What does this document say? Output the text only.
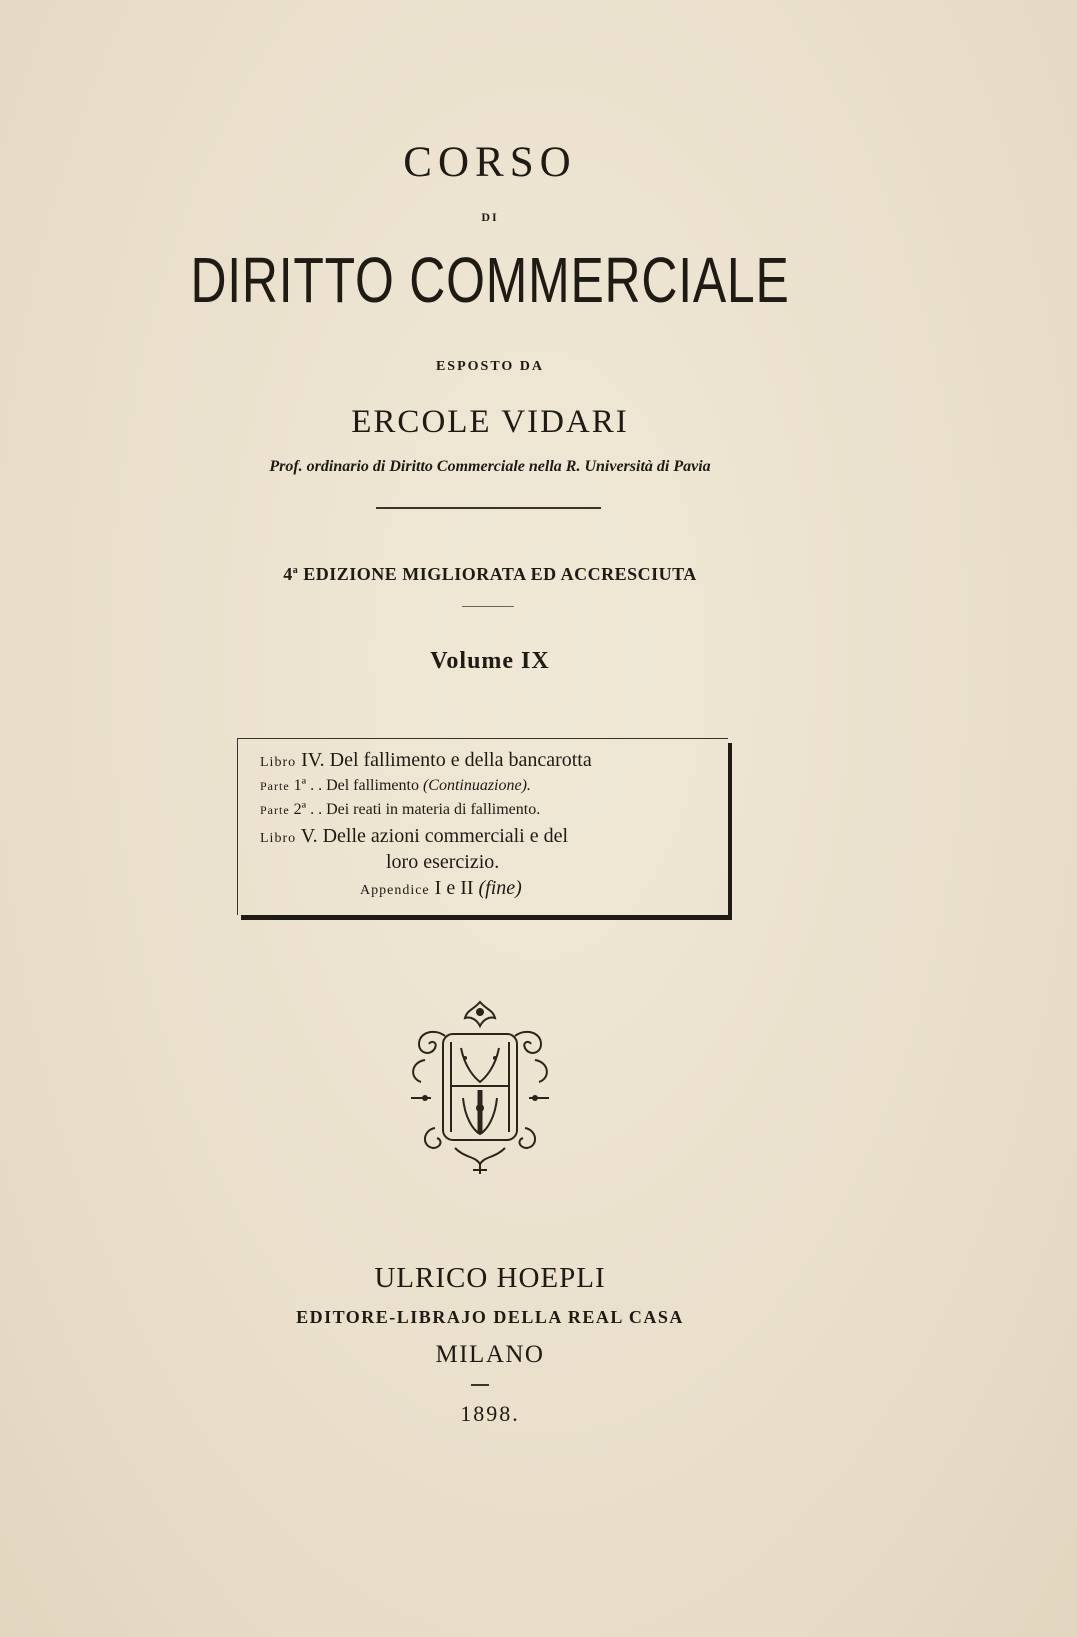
CORSO
DI
DIRITTO COMMERCIALE
ESPOSTO DA
ERCOLE VIDARI
Prof. ordinario di Diritto Commerciale nella R. Università di Pavia
4$^a$ EDIZIONE MIGLIORATA ED ACCRESCIUTA
Volume IX
Libro IV. Del fallimento e della bancarotta
Parte 1ª . . Del fallimento (Continuazione).
Parte 2ª . . Dei reati in materia di fallimento.
Libro V. Delle azioni commerciali e del
loro esercizio.
Appendice I e II (fine)
ULRICO HOEPLI
EDITORE-LIBRAJO DELLA REAL CASA
MILANO
1898.
